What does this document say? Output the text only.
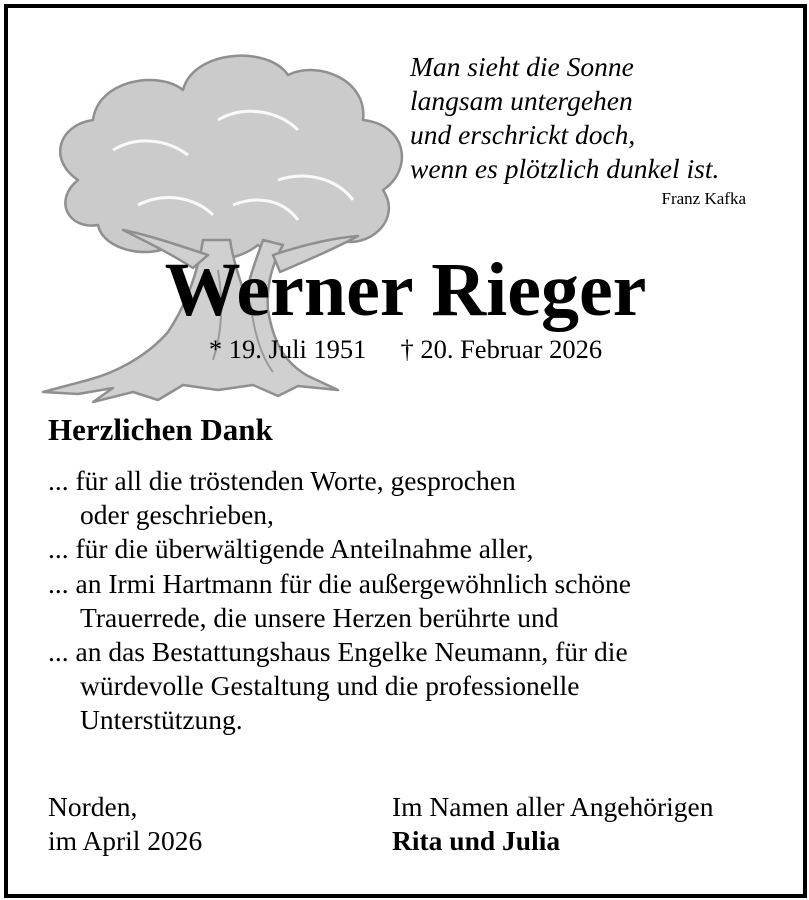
Man sieht die Sonne
langsam untergehen
und erschrickt doch,
wenn es plötzlich dunkel ist.
Franz Kafka
Werner Rieger
* 19. Juli 1951 † 20. Februar 2026
Herzlichen Dank
... für all die tröstenden Worte, gesprochen
oder geschrieben,
... für die überwältigende Anteilnahme aller,
... an Irmi Hartmann für die außergewöhnlich schöne
Trauerrede, die unsere Herzen berührte und
... an das Bestattungshaus Engelke Neumann, für die
würdevolle Gestaltung und die professionelle
Unterstützung.
Norden,
im April 2026
Im Namen aller Angehörigen
Rita und Julia
